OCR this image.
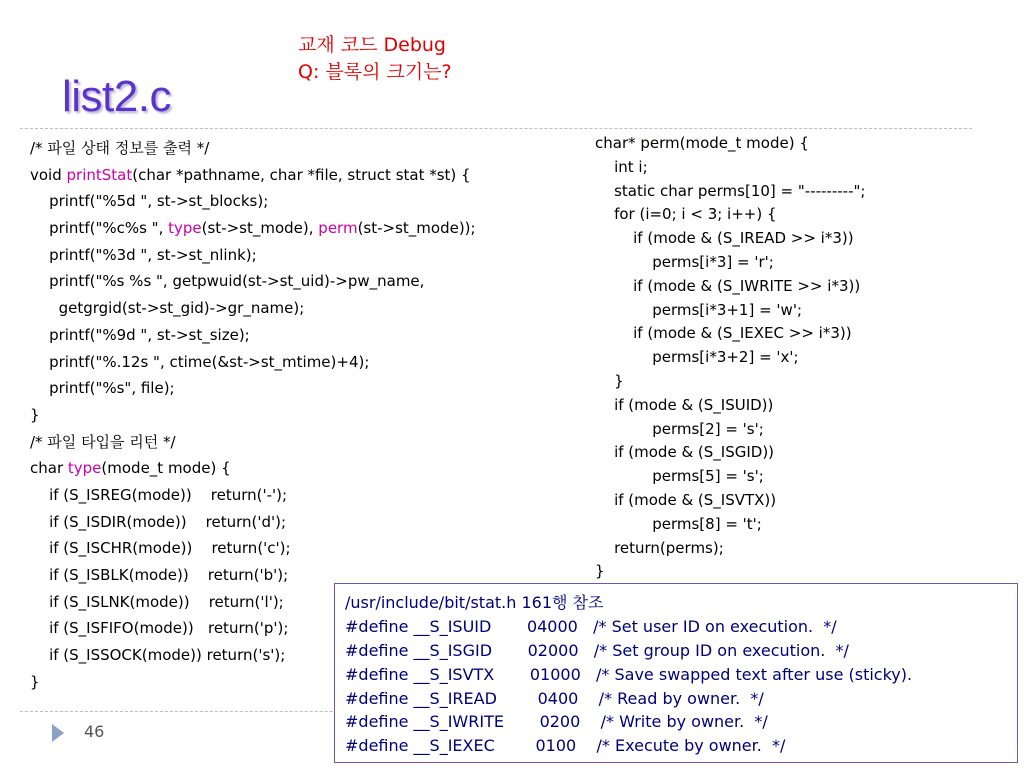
list2.c
교재 코드 Debug
Q: 블록의 크기는?
/* 파일 상태 정보를 출력 */
void printStat(char *pathname, char *file, struct stat *st) {
printf("%5d ", st->st_blocks);
printf("%c%s ", type(st->st_mode), perm(st->st_mode));
printf("%3d ", st->st_nlink);
printf("%s %s ", getpwuid(st->st_uid)->pw_name,
getgrgid(st->st_gid)->gr_name);
printf("%9d ", st->st_size);
printf("%.12s ", ctime(&st->st_mtime)+4);
printf("%s", file);
}
/* 파일 타입을 리턴 */
char type(mode_t mode) {
if (S_ISREG(mode))    return('-');
if (S_ISDIR(mode))    return('d');
if (S_ISCHR(mode))    return('c');
if (S_ISBLK(mode))    return('b');
if (S_ISLNK(mode))    return('l');
if (S_ISFIFO(mode))   return('p');
if (S_ISSOCK(mode)) return('s');
}
char* perm(mode_t mode) {
int i;
static char perms[10] = "---------";
for (i=0; i < 3; i++) {
if (mode & (S_IREAD >> i*3))
perms[i*3] = 'r';
if (mode & (S_IWRITE >> i*3))
perms[i*3+1] = 'w';
if (mode & (S_IEXEC >> i*3))
perms[i*3+2] = 'x';
}
if (mode & (S_ISUID))
perms[2] = 's';
if (mode & (S_ISGID))
perms[5] = 's';
if (mode & (S_ISVTX))
perms[8] = 't';
return(perms);
}
/usr/include/bit/stat.h 161행 참조
#define __S_ISUID       04000   /* Set user ID on execution.  */
#define __S_ISGID       02000   /* Set group ID on execution.  */
#define __S_ISVTX       01000   /* Save swapped text after use (sticky).
#define __S_IREAD        0400    /* Read by owner.  */
#define __S_IWRITE       0200    /* Write by owner.  */
#define __S_IEXEC        0100    /* Execute by owner.  */
46
